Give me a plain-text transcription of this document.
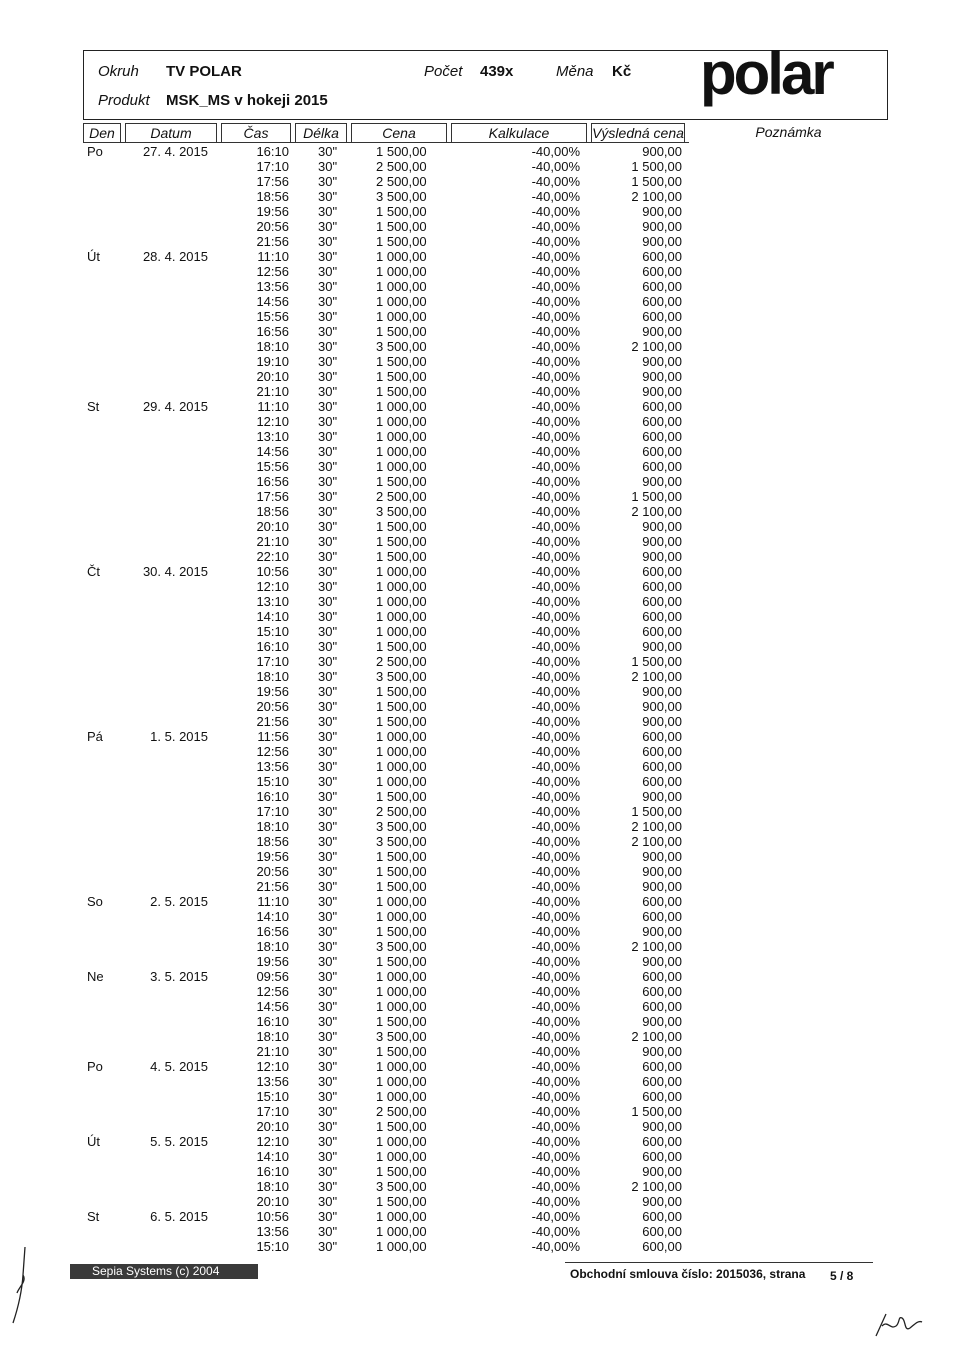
Okruh TV POLAR
Produkt MSK_MS v hokeji 2015
Počet 439x	Měna Kč polar
Den	Datum	Čas	Délka	Cena	Kalkulace	Výsledná cena	Poznámka
Po	27. 4. 2015	16:10 30"	1 500,00	-40,00%	900,00
17:10 30"	2 500,00	-40,00%	1 500,00
17:56 30"	2 500,00	-40,00%	1 500,00
18:56 30"	3 500,00	-40,00%	2 100,00
19:56 30"	1 500,00	-40,00%	900,00
20:56 30"	1 500,00	-40,00%	900,00
21:56 30"	1 500,00	-40,00%	900,00
Út	28. 4. 2015	11:10 30"	1 000,00	-40,00%	600,00
12:56 30"	1 000,00	-40,00%	600,00
13:56 30"	1 000,00	-40,00%	600,00
14:56 30"	1 000,00	-40,00%	600,00
15:56 30"	1 000,00	-40,00%	600,00
16:56 30"	1 500,00	-40,00%	900,00
18:10 30"	3 500,00	-40,00%	2 100,00
19:10 30"	1 500,00	-40,00%	900,00
20:10 30"	1 500,00	-40,00%	900,00
21:10 30"	1 500,00	-40,00%	900,00
St	29. 4. 2015	11:10 30"	1 000,00	-40,00%	600,00
12:10 30"	1 000,00	-40,00%	600,00
13:10 30"	1 000,00	-40,00%	600,00
14:56 30"	1 000,00	-40,00%	600,00
15:56 30"	1 000,00	-40,00%	600,00
16:56 30"	1 500,00	-40,00%	900,00
17:56 30"	2 500,00	-40,00%	1 500,00
18:56 30"	3 500,00	-40,00%	2 100,00
20:10 30"	1 500,00	-40,00%	900,00
21:10 30"	1 500,00	-40,00%	900,00
22:10 30"	1 500,00	-40,00%	900,00
Čt	30. 4. 2015	10:56 30"	1 000,00	-40,00%	600,00
12:10 30"	1 000,00	-40,00%	600,00
13:10 30"	1 000,00	-40,00%	600,00
14:10 30"	1 000,00	-40,00%	600,00
15:10 30"	1 000,00	-40,00%	600,00
16:10 30"	1 500,00	-40,00%	900,00
17:10 30"	2 500,00	-40,00%	1 500,00
18:10 30"	3 500,00	-40,00%	2 100,00
19:56 30"	1 500,00	-40,00%	900,00
20:56 30"	1 500,00	-40,00%	900,00
21:56 30"	1 500,00	-40,00%	900,00
Pá	1. 5. 2015	11:56 30"	1 000,00	-40,00%	600,00
12:56 30"	1 000,00	-40,00%	600,00
13:56 30"	1 000,00	-40,00%	600,00
15:10 30"	1 000,00	-40,00%	600,00
16:10 30"	1 500,00	-40,00%	900,00
17:10 30"	2 500,00	-40,00%	1 500,00
18:10 30"	3 500,00	-40,00%	2 100,00
18:56 30"	3 500,00	-40,00%	2 100,00
19:56 30"	1 500,00	-40,00%	900,00
20:56 30"	1 500,00	-40,00%	900,00
21:56 30"	1 500,00	-40,00%	900,00
So	2. 5. 2015	11:10 30"	1 000,00	-40,00%	600,00
14:10 30"	1 000,00	-40,00%	600,00
16:56 30"	1 500,00	-40,00%	900,00
18:10 30"	3 500,00	-40,00%	2 100,00
19:56 30"	1 500,00	-40,00%	900,00
Ne	3. 5. 2015	09:56 30"	1 000,00	-40,00%	600,00
12:56 30"	1 000,00	-40,00%	600,00
14:56 30"	1 000,00	-40,00%	600,00
16:10 30"	1 500,00	-40,00%	900,00
18:10 30"	3 500,00	-40,00%	2 100,00
21:10 30"	1 500,00	-40,00%	900,00
Po	4. 5. 2015	12:10 30"	1 000,00	-40,00%	600,00
13:56 30"	1 000,00	-40,00%	600,00
15:10 30"	1 000,00	-40,00%	600,00
17:10 30"	2 500,00	-40,00%	1 500,00
20:10 30"	1 500,00	-40,00%	900,00
Út	5. 5. 2015	12:10 30"	1 000,00	-40,00%	600,00
14:10 30"	1 000,00	-40,00%	600,00
16:10 30"	1 500,00	-40,00%	900,00
18:10 30"	3 500,00	-40,00%	2 100,00
20:10 30"	1 500,00	-40,00%	900,00
St	6. 5. 2015	10:56 30"	1 000,00	-40,00%	600,00
13:56 30"	1 000,00	-40,00%	600,00
15:10 30"	1 000,00	-40,00%	600,00
Sepia Systems (c) 2004	Obchodní smlouva číslo: 2015036, strana 5 / 8
